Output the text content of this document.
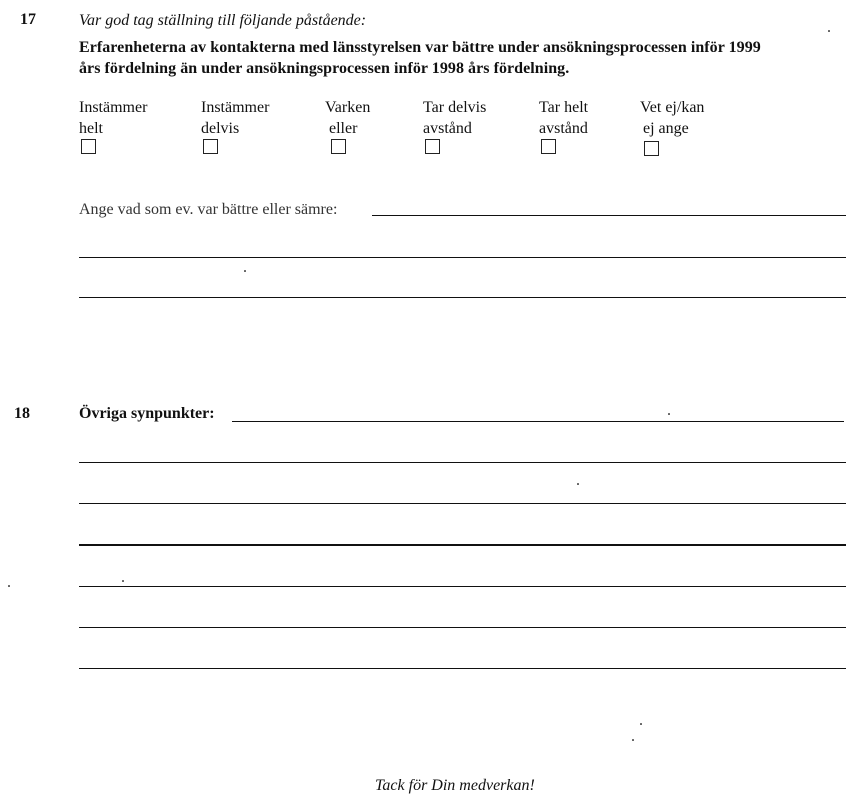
17	Var god tag ställning till följande påstående:
Erfarenheterna av kontakterna med länsstyrelsen var bättre under ansökningsprocessen inför 1999
års fördelning än under ansökningsprocessen inför 1998 års fördelning.
Instämmer
helt
Instämmer
delvis
Varken
eller
Tar delvis
avstånd
Tar helt
avstånd
Vet ej/kan
ej ange
Ange vad som ev. var bättre eller sämre:
18	Övriga synpunkter:
Tack för Din medverkan!
